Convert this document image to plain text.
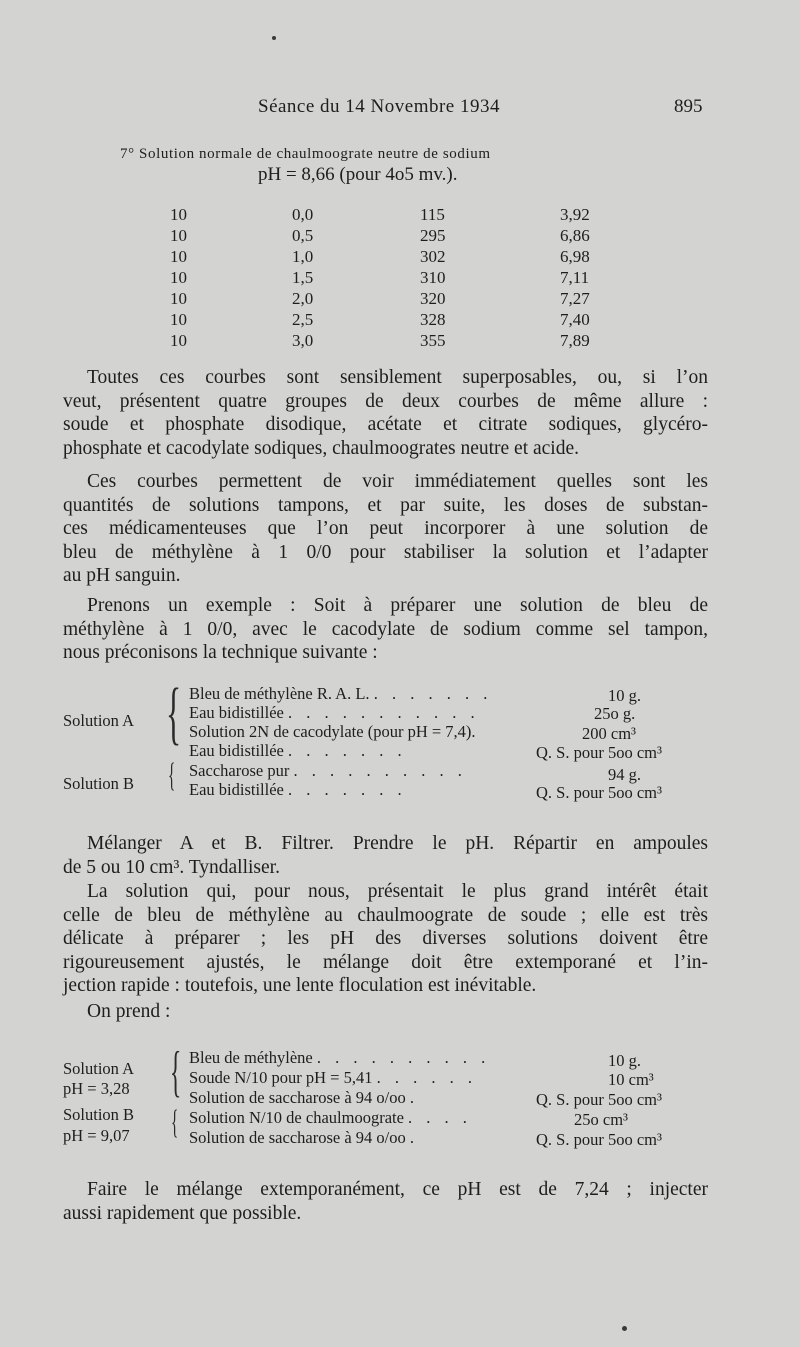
Séance du 14 Novembre 1934	895
7° Solution normale de chaulmoograte neutre de sodium
pH = 8,66 (pour 4o5 mv.).
10	0,0	115	3,92
10	0,5	295	6,86
10	1,0	302	6,98
10	1,5	310	7,11
10	2,0	320	7,27
10	2,5	328	7,40
10	3,0	355	7,89
Toutes ces courbes sont sensiblement superposables, ou, si l’on
veut, présentent quatre groupes de deux courbes de même allure :
soude et phosphate disodique, acétate et citrate sodiques, glycéro-
phosphate et cacodylate sodiques, chaulmoogrates neutre et acide.
Ces courbes permettent de voir immédiatement quelles sont les
quantités de solutions tampons, et par suite, les doses de substan-
ces médicamenteuses que l’on peut incorporer à une solution de
bleu de méthylène à 1 0/0 pour stabiliser la solution et l’adapter
au pH sanguin.
Prenons un exemple : Soit à préparer une solution de bleu de
méthylène à 1 0/0, avec le cacodylate de sodium comme sel tampon,
nous préconisons la technique suivante :
Solution A
Solution B
{
{
Bleu de méthylène R. A. L. . . . . . . .	10 g.
Eau bidistillée . . . . . . . . . . .	25o g.
Solution 2N de cacodylate (pour pH = 7,4).	200 cm³
Eau bidistillée . . . . . . .	Q. S. pour 5oo cm³
Saccharose pur . . . . . . . . . .	94 g.
Eau bidistillée . . . . . . .	Q. S. pour 5oo cm³
Mélanger A et B. Filtrer. Prendre le pH. Répartir en ampoules
de 5 ou 10 cm³. Tyndalliser.
La solution qui, pour nous, présentait le plus grand intérêt était
celle de bleu de méthylène au chaulmoograte de soude ; elle est très
délicate à préparer ; les pH des diverses solutions doivent être
rigoureusement ajustés, le mélange doit être extemporané et l’in-
jection rapide : toutefois, une lente floculation est inévitable.
On prend :
Solution A
pH = 3,28
Solution B
pH = 9,07
{
{
Bleu de méthylène . . . . . . . . . .	10 g.
Soude N/10 pour pH = 5,41 . . . . . .	10 cm³
Solution de saccharose à 94 o/oo .	Q. S. pour 5oo cm³
Solution N/10 de chaulmoograte . . . .	25o cm³
Solution de saccharose à 94 o/oo .	Q. S. pour 5oo cm³
Faire le mélange extemporanément, ce pH est de 7,24 ; injecter
aussi rapidement que possible.
